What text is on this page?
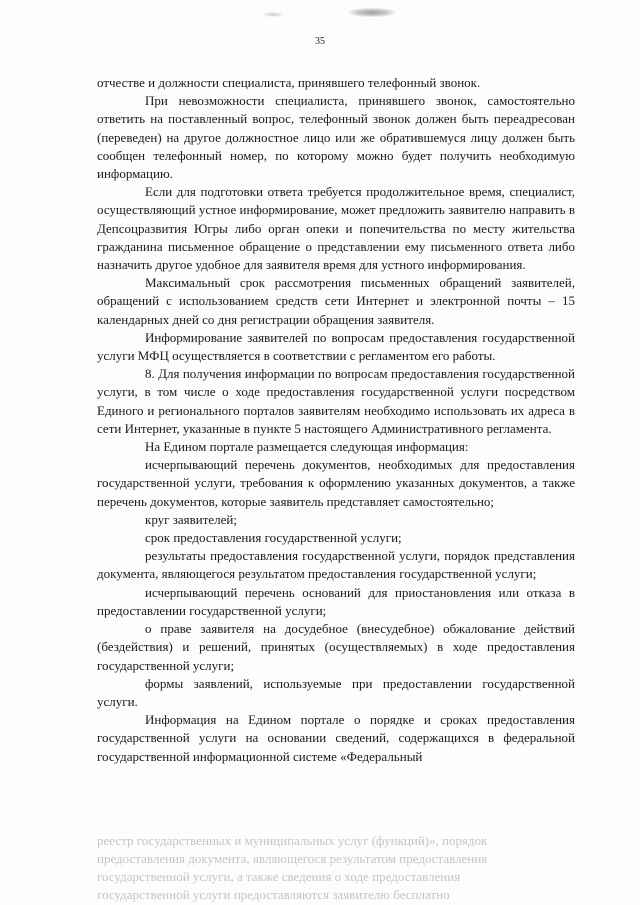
35

отчестве и должности специалиста, принявшего телефонный звонок.

При невозможности специалиста, принявшего звонок, самостоятельно ответить на поставленный вопрос, телефонный звонок должен быть переадресован (переведен) на другое должностное лицо или же обратившемуся лицу должен быть сообщен телефонный номер, по которому можно будет получить необходимую информацию.

Если для подготовки ответа требуется продолжительное время, специалист, осуществляющий устное информирование, может предложить заявителю направить в Депсоцразвития Югры либо орган опеки и попечительства по месту жительства гражданина письменное обращение о представлении ему письменного ответа либо назначить другое удобное для заявителя время для устного информирования.

Максимальный срок рассмотрения письменных обращений заявителей, обращений с использованием средств сети Интернет и электронной почты – 15 календарных дней со дня регистрации обращения заявителя.

Информирование заявителей по вопросам предоставления государственной услуги МФЦ осуществляется в соответствии с регламентом его работы.

8. Для получения информации по вопросам предоставления государственной услуги, в том числе о ходе предоставления государственной услуги посредством Единого и регионального порталов заявителям необходимо использовать их адреса в сети Интернет, указанные в пункте 5 настоящего Административного регламента.

На Едином портале размещается следующая информация:

исчерпывающий перечень документов, необходимых для предоставления государственной услуги, требования к оформлению указанных документов, а также перечень документов, которые заявитель представляет самостоятельно;

круг заявителей;

срок предоставления государственной услуги;

результаты предоставления государственной услуги, порядок представления документа, являющегося результатом предоставления государственной услуги;

исчерпывающий перечень оснований для приостановления или отказа в предоставлении государственной услуги;

о праве заявителя на досудебное (внесудебное) обжалование действий (бездействия) и решений, принятых (осуществляемых) в ходе предоставления государственной услуги;

формы заявлений, используемые при предоставлении государственной услуги.

Информация на Едином портале о порядке и сроках предоставления государственной услуги на основании сведений, содержащихся в федеральной государственной информационной системе «Федеральный

реестр государственных и муниципальных услуг (функций)», порядок
предоставления документа, являющегося результатом предоставления
государственной услуги, а также сведения о ходе предоставления
государственной услуги предоставляются заявителю бесплатно
